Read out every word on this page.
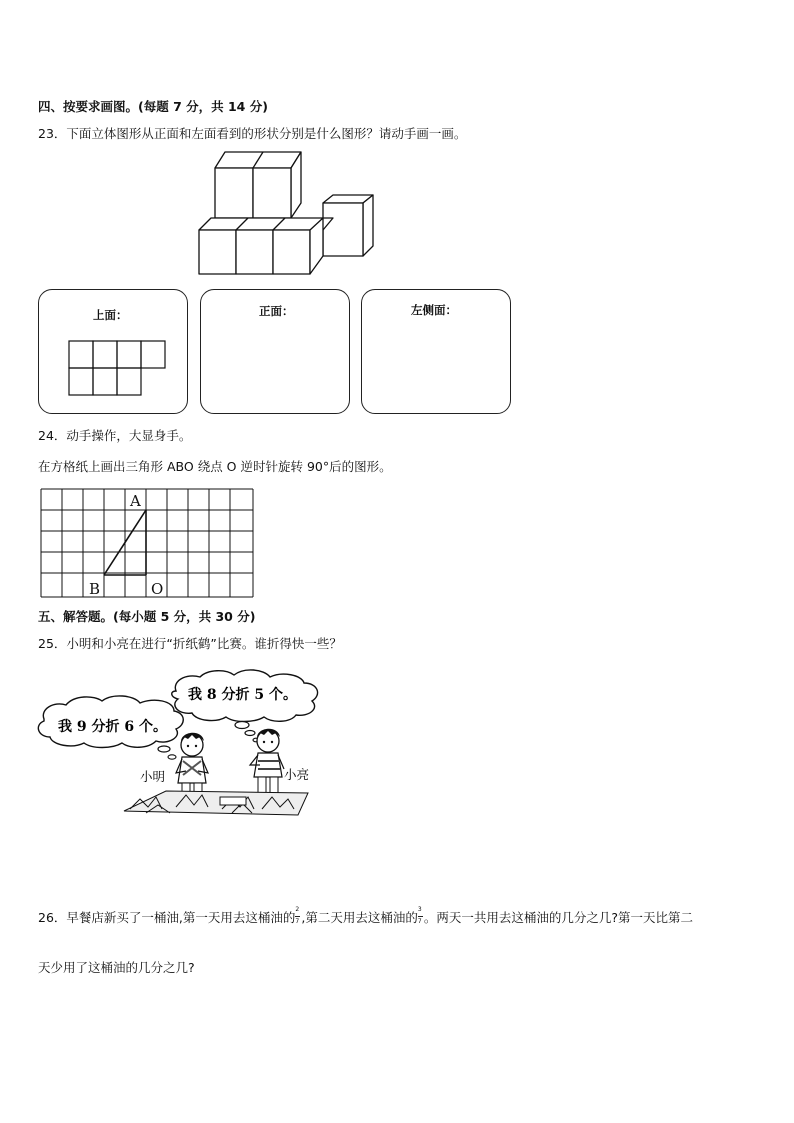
四、按要求画图。(每题 7 分，共 14 分)
23．下面立体图形从正面和左面看到的形状分别是什么图形？请动手画一画。
上面：	正面：	左侧面：
24．动手操作，大显身手。
在方格纸上画出三角形 ABO 绕点 O 逆时针旋转 90°后的图形。
A
B	O
五、解答题。(每小题 5 分，共 30 分)
25．小明和小亮在进行“折纸鹤”比赛。谁折得快一些？
我 8 分折 5 个。
我 9 分折 6 个。
小明	小亮
26．早餐店新买了一桶油,第一天用去这桶油的 $\frac{2}{7}$ ,第二天用去这桶油的 $\frac{3}{7}$ 。两天一共用去这桶油的几分之几?第一天比第二
天少用了这桶油的几分之几?
